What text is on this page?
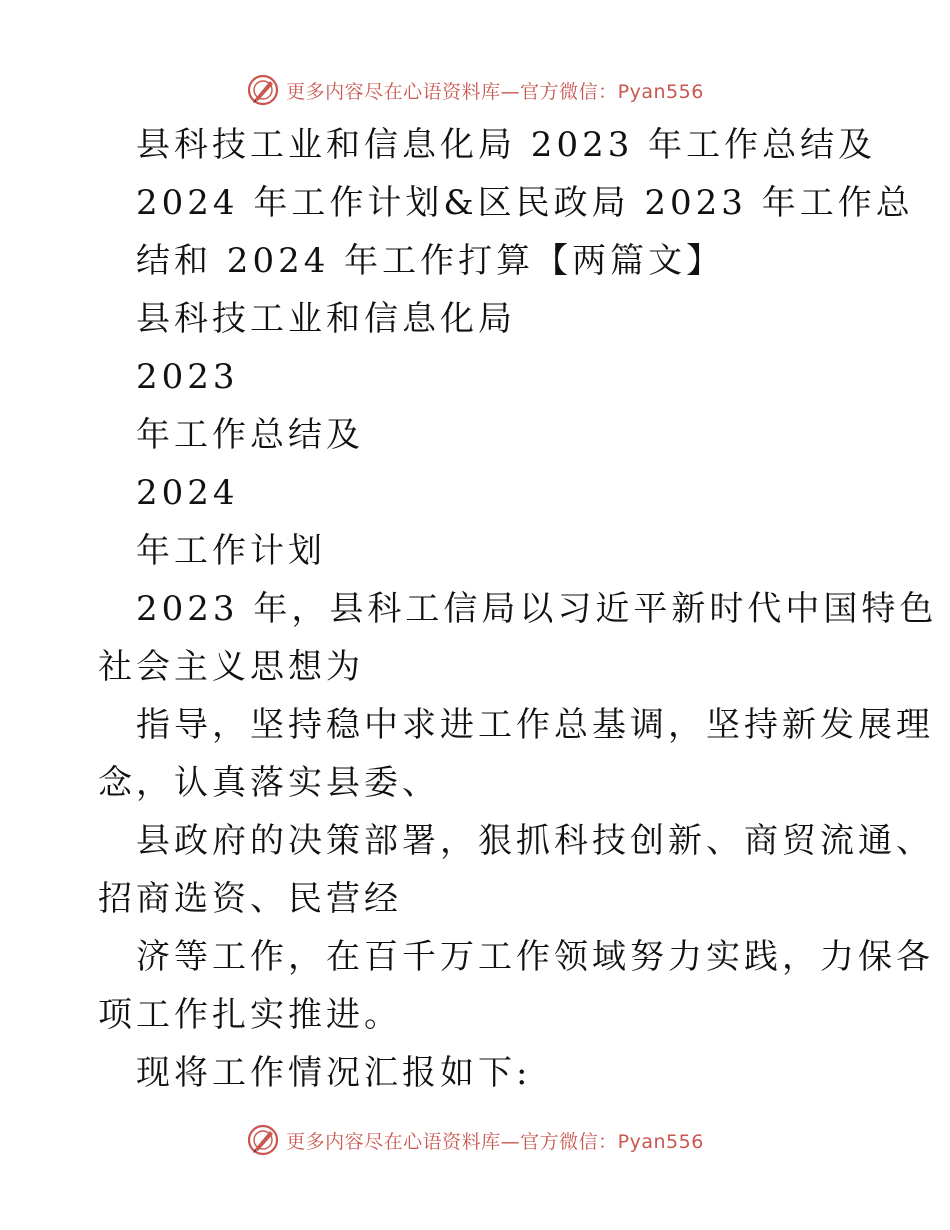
更多内容尽在心语资料库—官方微信：Pyan556
县科技工业和信息化局 2023 年工作总结及
2024 年工作计划&区民政局 2023 年工作总
结和 2024 年工作打算【两篇文】
县科技工业和信息化局
2023
年工作总结及
2024
年工作计划
2023 年，县科工信局以习近平新时代中国特色
社会主义思想为
指导，坚持稳中求进工作总基调，坚持新发展理
念，认真落实县委、
县政府的决策部署，狠抓科技创新、商贸流通、
招商选资、民营经
济等工作，在百千万工作领域努力实践，力保各
项工作扎实推进。
现将工作情况汇报如下:
更多内容尽在心语资料库—官方微信：Pyan556
